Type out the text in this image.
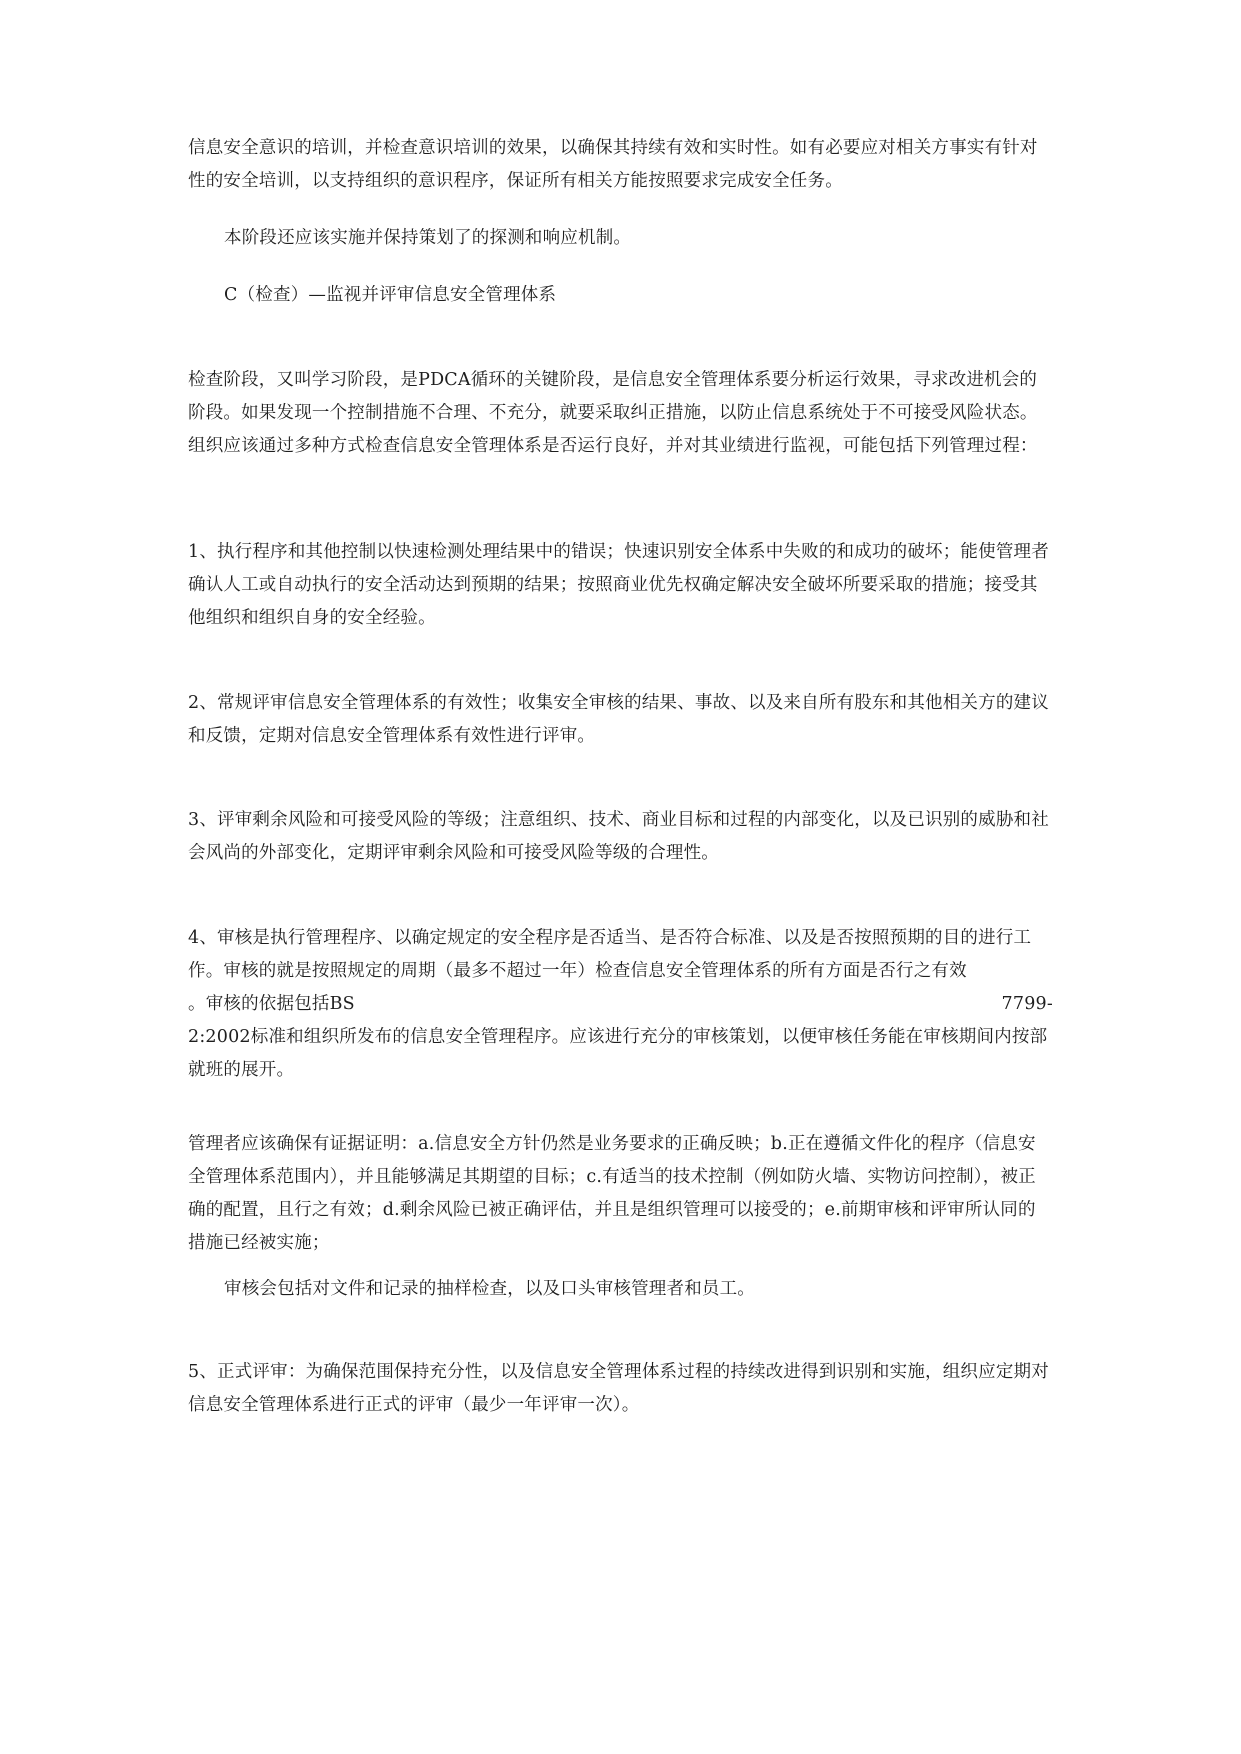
信息安全意识的培训，并检查意识培训的效果，以确保其持续有效和实时性。如有必要应对相关方事实有针对性的安全培训，以支持组织的意识程序，保证所有相关方能按照要求完成安全任务。

本阶段还应该实施并保持策划了的探测和响应机制。

C（检查）—监视并评审信息安全管理体系

检查阶段，又叫学习阶段，是PDCA循环的关键阶段，是信息安全管理体系要分析运行效果，寻求改进机会的阶段。如果发现一个控制措施不合理、不充分，就要采取纠正措施，以防止信息系统处于不可接受风险状态。组织应该通过多种方式检查信息安全管理体系是否运行良好，并对其业绩进行监视，可能包括下列管理过程：

1、执行程序和其他控制以快速检测处理结果中的错误；快速识别安全体系中失败的和成功的破坏；能使管理者确认人工或自动执行的安全活动达到预期的结果；按照商业优先权确定解决安全破坏所要采取的措施；接受其他组织和组织自身的安全经验。

2、常规评审信息安全管理体系的有效性；收集安全审核的结果、事故、以及来自所有股东和其他相关方的建议和反馈，定期对信息安全管理体系有效性进行评审。

3、评审剩余风险和可接受风险的等级；注意组织、技术、商业目标和过程的内部变化，以及已识别的威胁和社会风尚的外部变化，定期评审剩余风险和可接受风险等级的合理性。

4、审核是执行管理程序、以确定规定的安全程序是否适当、是否符合标准、以及是否按照预期的目的进行工作。审核的就是按照规定的周期（最多不超过一年）检查信息安全管理体系的所有方面是否行之有效
。审核的依据包括BS	7799-
2:2002标准和组织所发布的信息安全管理程序。应该进行充分的审核策划，以便审核任务能在审核期间内按部就班的展开。

管理者应该确保有证据证明：a.信息安全方针仍然是业务要求的正确反映；b.正在遵循文件化的程序（信息安全管理体系范围内），并且能够满足其期望的目标；c.有适当的技术控制（例如防火墙、实物访问控制），被正确的配置，且行之有效；d.剩余风险已被正确评估，并且是组织管理可以接受的；e.前期审核和评审所认同的措施已经被实施；

审核会包括对文件和记录的抽样检查，以及口头审核管理者和员工。

5、正式评审：为确保范围保持充分性，以及信息安全管理体系过程的持续改进得到识别和实施，组织应定期对信息安全管理体系进行正式的评审（最少一年评审一次）。
